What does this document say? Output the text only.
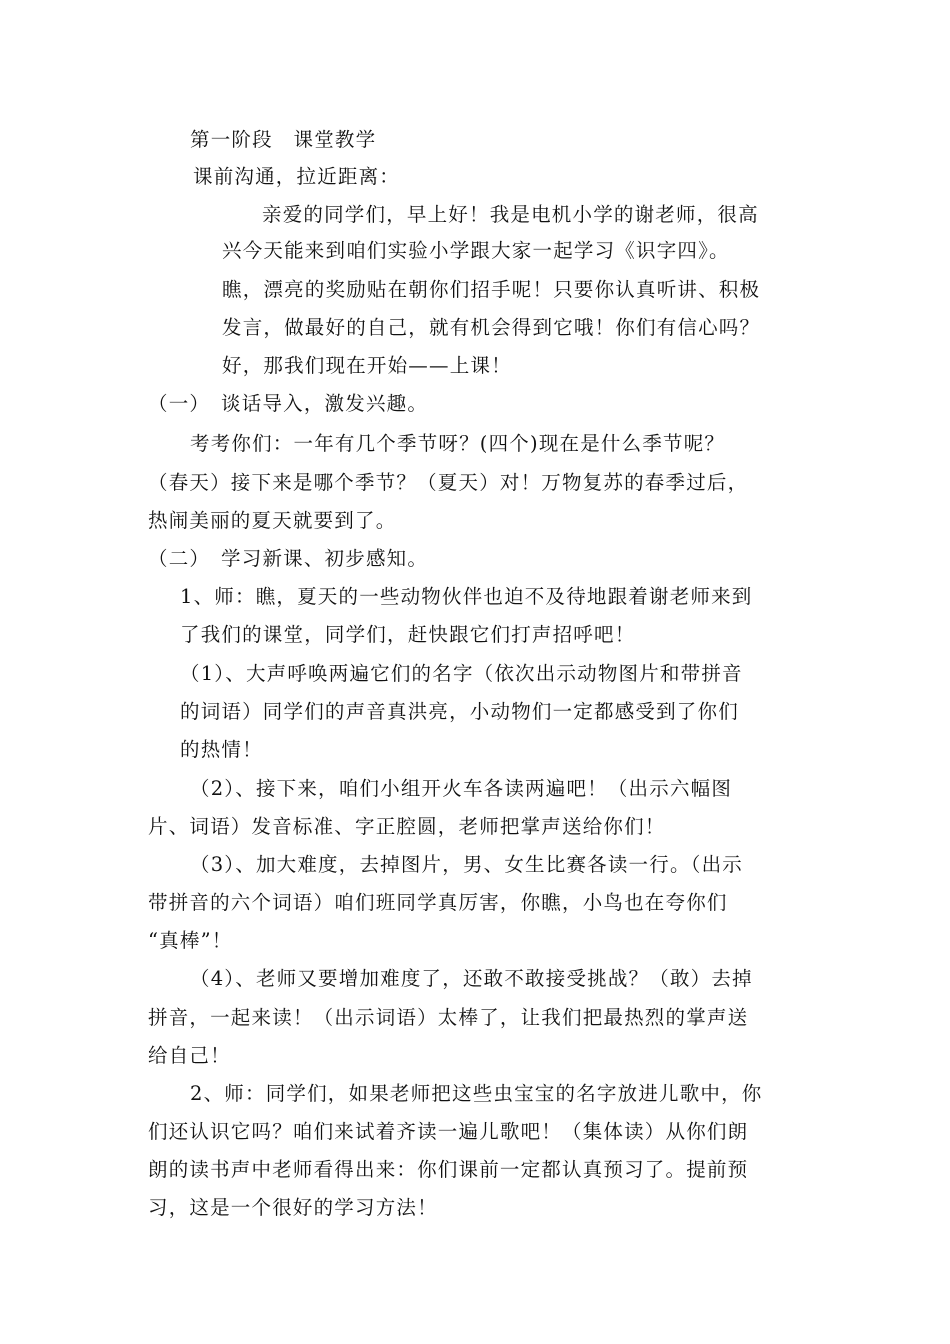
第一阶段　课堂教学

课前沟通，拉近距离：

亲爱的同学们，早上好！我是电机小学的谢老师，很高

兴今天能来到咱们实验小学跟大家一起学习《识字四》。

瞧，漂亮的奖励贴在朝你们招手呢！只要你认真听讲、积极

发言，做最好的自己，就有机会得到它哦！你们有信心吗？

好，那我们现在开始——上课！

（一）　谈话导入，激发兴趣。

考考你们：一年有几个季节呀？(四个)现在是什么季节呢？

（春天）接下来是哪个季节？（夏天）对！万物复苏的春季过后，

热闹美丽的夏天就要到了。

（二）　学习新课、初步感知。

1、师：瞧，夏天的一些动物伙伴也迫不及待地跟着谢老师来到

了我们的课堂，同学们，赶快跟它们打声招呼吧！

（1）、大声呼唤两遍它们的名字（依次出示动物图片和带拼音

的词语）同学们的声音真洪亮，小动物们一定都感受到了你们

的热情！

（2）、接下来，咱们小组开火车各读两遍吧！（出示六幅图

片、词语）发音标准、字正腔圆，老师把掌声送给你们！

（3）、加大难度，去掉图片，男、女生比赛各读一行。（出示

带拼音的六个词语）咱们班同学真厉害，你瞧，小鸟也在夸你们

“真棒”！

（4）、老师又要增加难度了，还敢不敢接受挑战？（敢）去掉

拼音，一起来读！（出示词语）太棒了，让我们把最热烈的掌声送

给自己！

2、师：同学们，如果老师把这些虫宝宝的名字放进儿歌中，你

们还认识它吗？咱们来试着齐读一遍儿歌吧！（集体读）从你们朗

朗的读书声中老师看得出来：你们课前一定都认真预习了。提前预

习，这是一个很好的学习方法！
